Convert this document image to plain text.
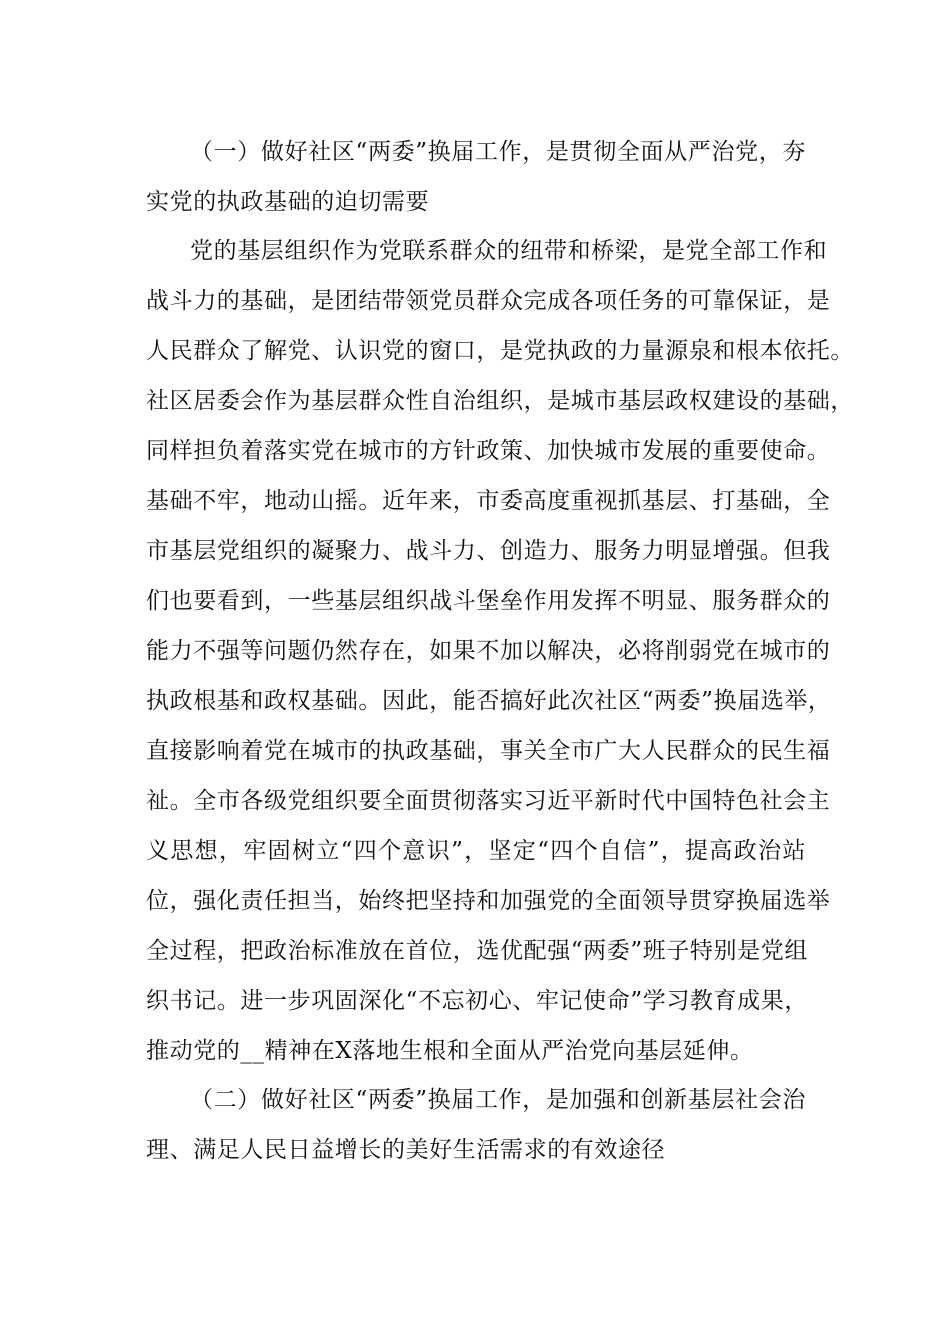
（一）做好社区“两委”换届工作，是贯彻全面从严治党，夯
实党的执政基础的迫切需要
党的基层组织作为党联系群众的纽带和桥梁，是党全部工作和
战斗力的基础，是团结带领党员群众完成各项任务的可靠保证，是
人民群众了解党、认识党的窗口，是党执政的力量源泉和根本依托。
社区居委会作为基层群众性自治组织，是城市基层政权建设的基础，
同样担负着落实党在城市的方针政策、加快城市发展的重要使命。
基础不牢，地动山摇。近年来，市委高度重视抓基层、打基础，全
市基层党组织的凝聚力、战斗力、创造力、服务力明显增强。但我
们也要看到，一些基层组织战斗堡垒作用发挥不明显、服务群众的
能力不强等问题仍然存在，如果不加以解决，必将削弱党在城市的
执政根基和政权基础。因此，能否搞好此次社区“两委”换届选举，
直接影响着党在城市的执政基础，事关全市广大人民群众的民生福
祉。全市各级党组织要全面贯彻落实习近平新时代中国特色社会主
义思想，牢固树立“四个意识”，坚定“四个自信”，提高政治站
位，强化责任担当，始终把坚持和加强党的全面领导贯穿换届选举
全过程，把政治标准放在首位，选优配强“两委”班子特别是党组
织书记。进一步巩固深化“不忘初心、牢记使命”学习教育成果，
推动党的__精神在X落地生根和全面从严治党向基层延伸。
（二）做好社区“两委”换届工作，是加强和创新基层社会治
理、满足人民日益增长的美好生活需求的有效途径
